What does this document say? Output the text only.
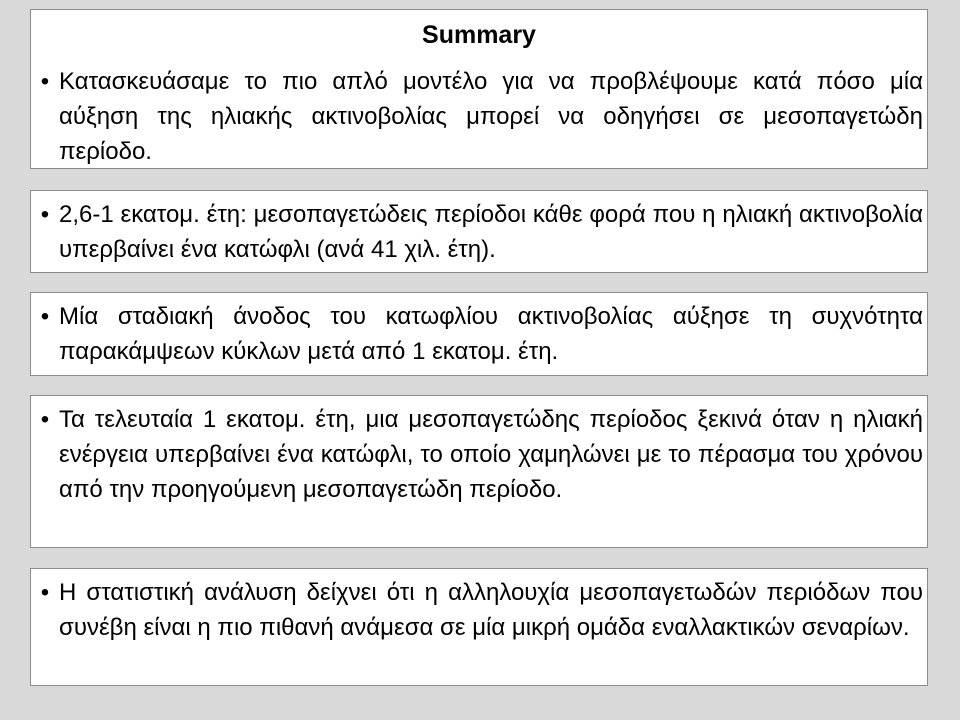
Summary
• Κατασκευάσαμε το πιο απλό μοντέλο για να προβλέψουμε κατά πόσο μία αύξηση της ηλιακής ακτινοβολίας μπορεί να οδηγήσει σε μεσοπαγετώδη περίοδο.
• 2,6-1 εκατομ. έτη: μεσοπαγετώδεις περίοδοι κάθε φορά που η ηλιακή ακτινοβολία υπερβαίνει ένα κατώφλι (ανά 41 χιλ. έτη).
• Μία σταδιακή άνοδος του κατωφλίου ακτινοβολίας αύξησε τη συχνότητα παρακάμψεων κύκλων μετά από 1 εκατομ. έτη.
• Τα τελευταία 1 εκατομ. έτη, μια μεσοπαγετώδης περίοδος ξεκινά όταν η ηλιακή ενέργεια υπερβαίνει ένα κατώφλι, το οποίο χαμηλώνει με το πέρασμα του χρόνου από την προηγούμενη μεσοπαγετώδη περίοδο.
• Η στατιστική ανάλυση δείχνει ότι η αλληλουχία μεσοπαγετωδών περιόδων που συνέβη είναι η πιο πιθανή ανάμεσα σε μία μικρή ομάδα εναλλακτικών σεναρίων.
